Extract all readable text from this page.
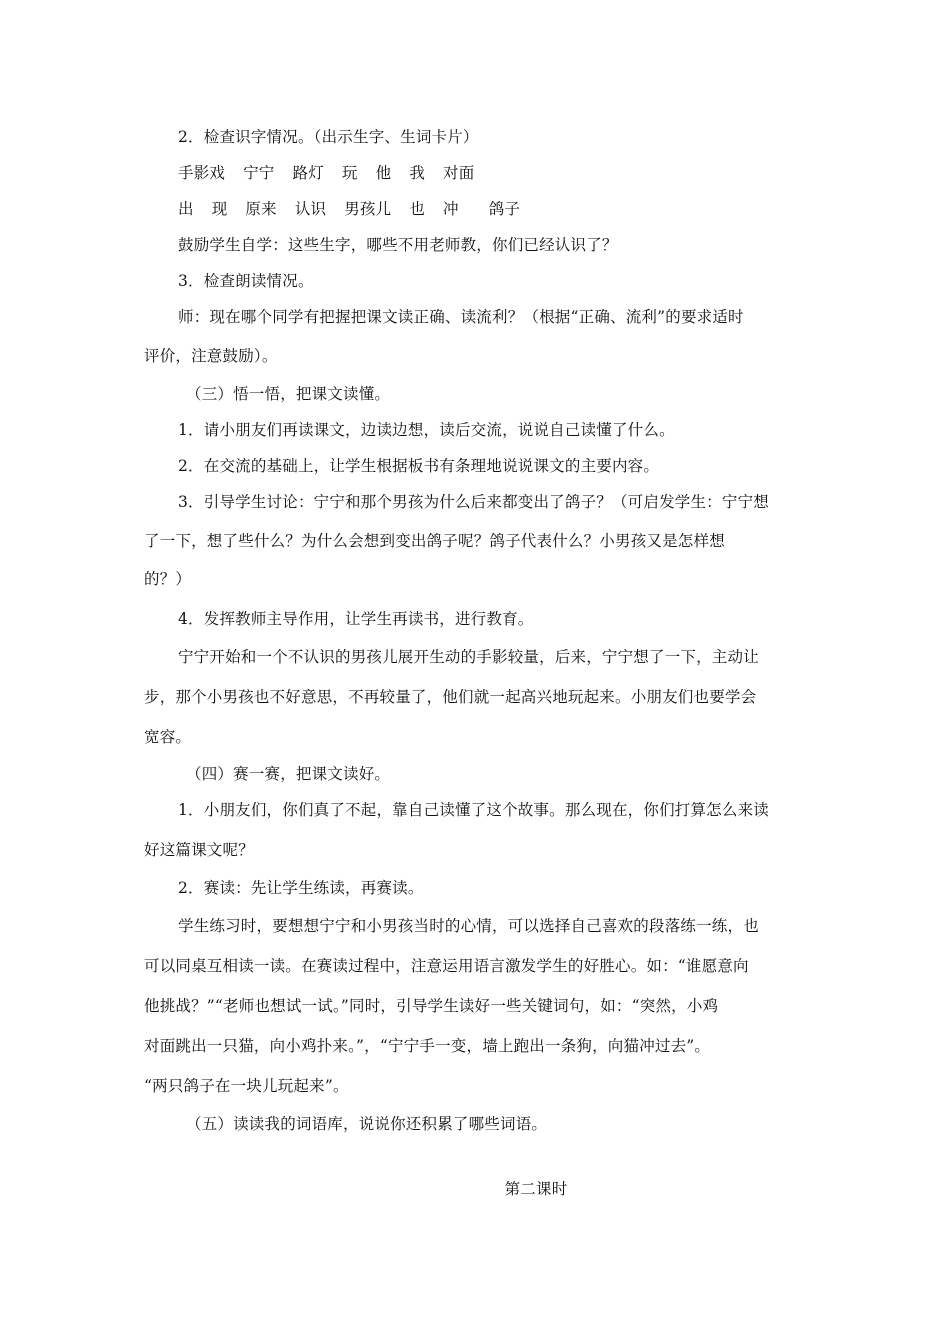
2．检查识字情况。（出示生字、生词卡片）
手影戏 宁宁 路灯 玩 他 我 对面
出 现 原来 认识 男孩儿 也 冲 鸽子
鼓励学生自学：这些生字，哪些不用老师教，你们已经认识了？
3．检查朗读情况。
师：现在哪个同学有把握把课文读正确、读流利？（根据“正确、流利”的要求适时
评价，注意鼓励）。
（三）悟一悟，把课文读懂。
1．请小朋友们再读课文，边读边想，读后交流，说说自己读懂了什么。
2．在交流的基础上，让学生根据板书有条理地说说课文的主要内容。
3．引导学生讨论：宁宁和那个男孩为什么后来都变出了鸽子？（可启发学生：宁宁想
了一下，想了些什么？为什么会想到变出鸽子呢？鸽子代表什么？小男孩又是怎样想
的？）
4．发挥教师主导作用，让学生再读书，进行教育。
宁宁开始和一个不认识的男孩儿展开生动的手影较量，后来，宁宁想了一下，主动让
步，那个小男孩也不好意思，不再较量了，他们就一起高兴地玩起来。小朋友们也要学会
宽容。
（四）赛一赛，把课文读好。
1．小朋友们，你们真了不起，靠自己读懂了这个故事。那么现在，你们打算怎么来读
好这篇课文呢？
2．赛读：先让学生练读，再赛读。
学生练习时，要想想宁宁和小男孩当时的心情，可以选择自己喜欢的段落练一练，也
可以同桌互相读一读。在赛读过程中，注意运用语言激发学生的好胜心。如：“谁愿意向
他挑战？”“老师也想试一试。”同时，引导学生读好一些关键词句，如：“突然，小鸡
对面跳出一只猫，向小鸡扑来。”，“宁宁手一变，墙上跑出一条狗，向猫冲过去”。
“两只鸽子在一块儿玩起来”。
（五）读读我的词语库，说说你还积累了哪些词语。
第二课时
